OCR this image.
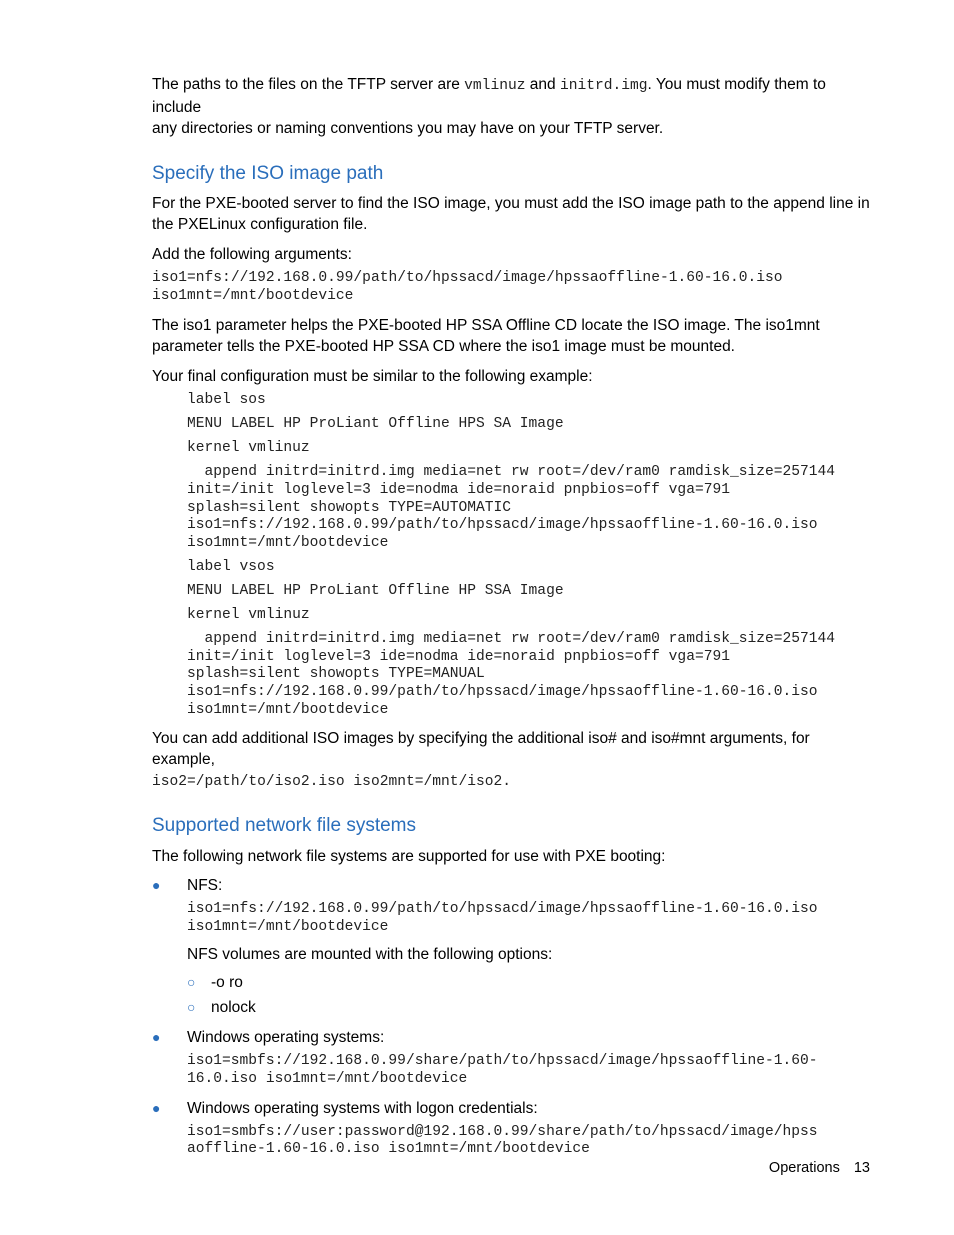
The paths to the files on the TFTP server are vmlinuz and initrd.img. You must modify them to include
any directories or naming conventions you may have on your TFTP server.

Specify the ISO image path

For the PXE-booted server to find the ISO image, you must add the ISO image path to the append line in the PXELinux configuration file.

Add the following arguments:

iso1=nfs://192.168.0.99/path/to/hpssacd/image/hpssaoffline-1.60-16.0.iso
iso1mnt=/mnt/bootdevice

The iso1 parameter helps the PXE-booted HP SSA Offline CD locate the ISO image. The iso1mnt parameter tells the PXE-booted HP SSA CD where the iso1 image must be mounted.

Your final configuration must be similar to the following example:

label sos
MENU LABEL HP ProLiant Offline HPS SA Image
kernel vmlinuz
append initrd=initrd.img media=net rw root=/dev/ram0 ramdisk_size=257144
init=/init loglevel=3 ide=nodma ide=noraid pnpbios=off vga=791
splash=silent showopts TYPE=AUTOMATIC
iso1=nfs://192.168.0.99/path/to/hpssacd/image/hpssaoffline-1.60-16.0.iso
iso1mnt=/mnt/bootdevice
label vsos
MENU LABEL HP ProLiant Offline HP SSA Image
kernel vmlinuz
append initrd=initrd.img media=net rw root=/dev/ram0 ramdisk_size=257144
init=/init loglevel=3 ide=nodma ide=noraid pnpbios=off vga=791
splash=silent showopts TYPE=MANUAL
iso1=nfs://192.168.0.99/path/to/hpssacd/image/hpssaoffline-1.60-16.0.iso
iso1mnt=/mnt/bootdevice

You can add additional ISO images by specifying the additional iso# and iso#mnt arguments, for example,
iso2=/path/to/iso2.iso iso2mnt=/mnt/iso2.

Supported network file systems

The following network file systems are supported for use with PXE booting:

●	NFS:

iso1=nfs://192.168.0.99/path/to/hpssacd/image/hpssaoffline-1.60-16.0.iso
iso1mnt=/mnt/bootdevice

NFS volumes are mounted with the following options:

○	-o ro
○	nolock
●	Windows operating systems:

iso1=smbfs://192.168.0.99/share/path/to/hpssacd/image/hpssaoffline-1.60-
16.0.iso iso1mnt=/mnt/bootdevice
●	Windows operating systems with logon credentials:

iso1=smbfs://user:password@192.168.0.99/share/path/to/hpssacd/image/hpss
aoffline-1.60-16.0.iso iso1mnt=/mnt/bootdevice
Operations 13
